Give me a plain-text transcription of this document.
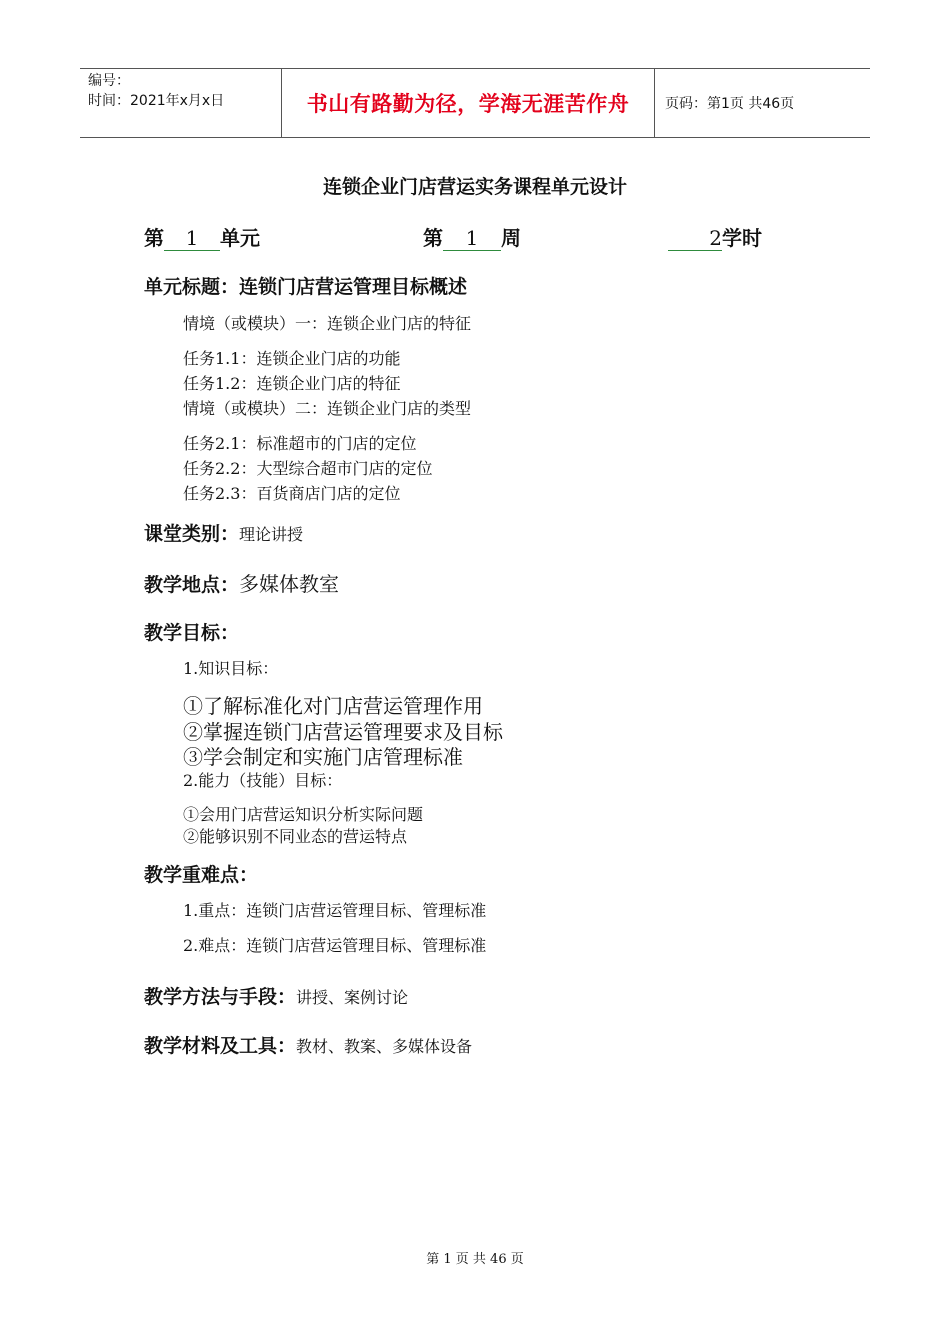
编号：
时间：2021年x月x日	书山有路勤为径，学海无涯苦作舟	页码：第1页 共46页
连锁企业门店营运实务课程单元设计
第 1 单元	第 1 周	2学时
单元标题：连锁门店营运管理目标概述
情境（或模块）一：连锁企业门店的特征
任务1.1：连锁企业门店的功能
任务1.2：连锁企业门店的特征
情境（或模块）二：连锁企业门店的类型
任务2.1：标准超市的门店的定位
任务2.2：大型综合超市门店的定位
任务2.3：百货商店门店的定位
课堂类别：理论讲授
教学地点：多媒体教室
教学目标：
1.知识目标：
①了解标准化对门店营运管理作用
②掌握连锁门店营运管理要求及目标
③学会制定和实施门店管理标准
2.能力（技能）目标：
①会用门店营运知识分析实际问题
②能够识别不同业态的营运特点
教学重难点：
1.重点：连锁门店营运管理目标、管理标准
2.难点：连锁门店营运管理目标、管理标准
教学方法与手段：讲授、案例讨论
教学材料及工具：教材、教案、多媒体设备
第 1 页 共 46 页
